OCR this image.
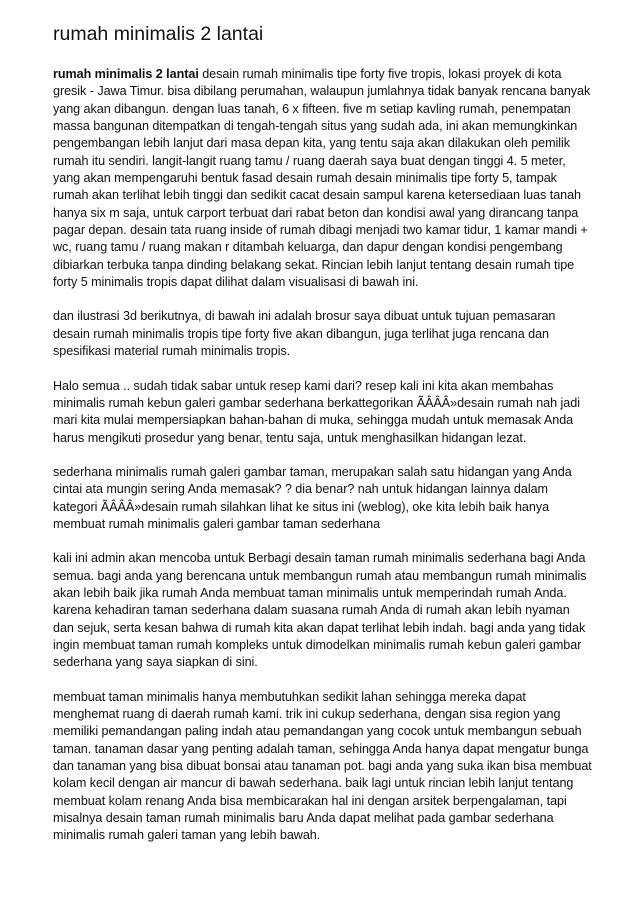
rumah minimalis 2 lantai

rumah minimalis 2 lantai desain rumah minimalis tipe forty five tropis, lokasi proyek di kota gresik - Jawa Timur. bisa dibilang perumahan, walaupun jumlahnya tidak banyak rencana banyak yang akan dibangun. dengan luas tanah, 6 x fifteen. five m setiap kavling rumah, penempatan massa bangunan ditempatkan di tengah-tengah situs yang sudah ada, ini akan memungkinkan pengembangan lebih lanjut dari masa depan kita, yang tentu saja akan dilakukan oleh pemilik rumah itu sendiri. langit-langit ruang tamu / ruang daerah saya buat dengan tinggi 4. 5 meter, yang akan mempengaruhi bentuk fasad desain rumah desain minimalis tipe forty 5, tampak rumah akan terlihat lebih tinggi dan sedikit cacat desain sampul karena ketersediaan luas tanah hanya six m saja, untuk carport terbuat dari rabat beton dan kondisi awal yang dirancang tanpa pagar depan. desain tata ruang inside of rumah dibagi menjadi two kamar tidur, 1 kamar mandi + wc, ruang tamu / ruang makan r ditambah keluarga, dan dapur dengan kondisi pengembang dibiarkan terbuka tanpa dinding belakang sekat. Rincian lebih lanjut tentang desain rumah tipe forty 5 minimalis tropis dapat dilihat dalam visualisasi di bawah ini.

dan ilustrasi 3d berikutnya, di bawah ini adalah brosur saya dibuat untuk tujuan pemasaran desain rumah minimalis tropis tipe forty five akan dibangun, juga terlihat juga rencana dan spesifikasi material rumah minimalis tropis.

Halo semua .. sudah tidak sabar untuk resep kami dari? resep kali ini kita akan membahas minimalis rumah kebun galeri gambar sederhana berkattegorikan ÃÂÂÂ»desain rumah nah jadi mari kita mulai mempersiapkan bahan-bahan di muka, sehingga mudah untuk memasak Anda harus mengikuti prosedur yang benar, tentu saja, untuk menghasilkan hidangan lezat.

sederhana minimalis rumah galeri gambar taman, merupakan salah satu hidangan yang Anda cintai ata mungin sering Anda memasak? ? dia benar? nah untuk hidangan lainnya dalam kategori ÃÂÂÂ»desain rumah silahkan lihat ke situs ini (weblog), oke kita lebih baik hanya membuat rumah minimalis galeri gambar taman sederhana

kali ini admin akan mencoba untuk Berbagi desain taman rumah minimalis sederhana bagi Anda semua. bagi anda yang berencana untuk membangun rumah atau membangun rumah minimalis akan lebih baik jika rumah Anda membuat taman minimalis untuk memperindah rumah Anda. karena kehadiran taman sederhana dalam suasana rumah Anda di rumah akan lebih nyaman dan sejuk, serta kesan bahwa di rumah kita akan dapat terlihat lebih indah. bagi anda yang tidak ingin membuat taman rumah kompleks untuk dimodelkan minimalis rumah kebun galeri gambar sederhana yang saya siapkan di sini.

membuat taman minimalis hanya membutuhkan sedikit lahan sehingga mereka dapat menghemat ruang di daerah rumah kami. trik ini cukup sederhana, dengan sisa region yang memiliki pemandangan paling indah atau pemandangan yang cocok untuk membangun sebuah taman. tanaman dasar yang penting adalah taman, sehingga Anda hanya dapat mengatur bunga dan tanaman yang bisa dibuat bonsai atau tanaman pot. bagi anda yang suka ikan bisa membuat kolam kecil dengan air mancur di bawah sederhana. baik lagi untuk rincian lebih lanjut tentang membuat kolam renang Anda bisa membicarakan hal ini dengan arsitek berpengalaman, tapi misalnya desain taman rumah minimalis baru Anda dapat melihat pada gambar sederhana minimalis rumah galeri taman yang lebih bawah.
